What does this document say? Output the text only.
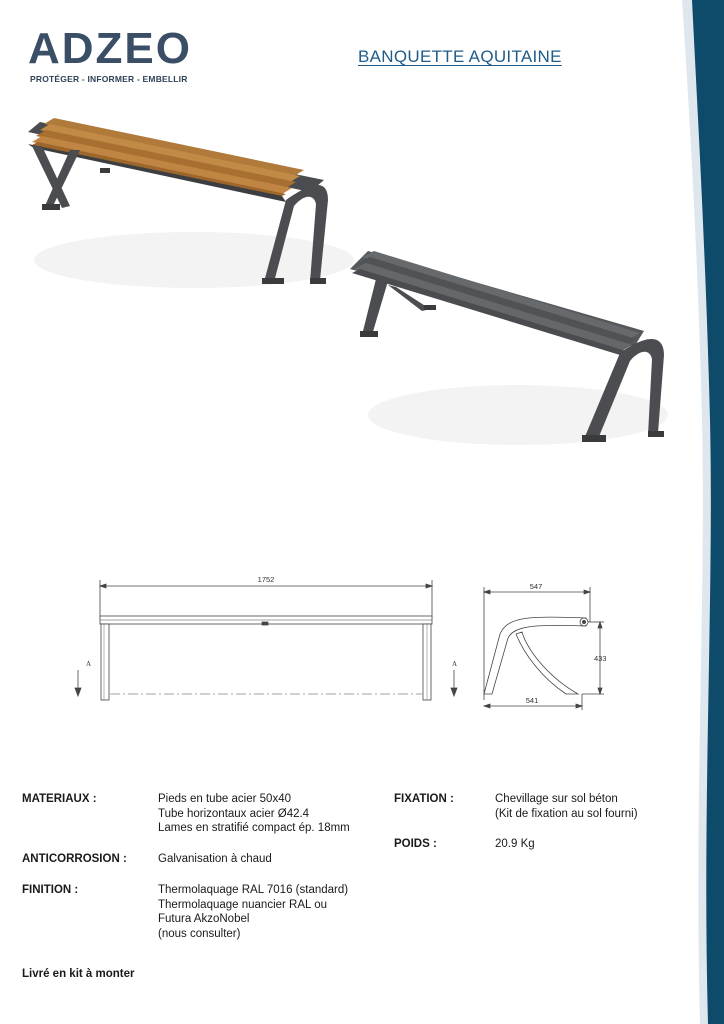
ADZEO
PROTÉGER - INFORMER - EMBELLIR
BANQUETTE AQUITAINE
1752
A	A
547
433
541
MATERIAUX :	Pieds en tube acier 50x40
Tube horizontaux acier Ø42.4
Lames en stratifié compact ép. 18mm
ANTICORROSION :	Galvanisation à chaud
FINITION :	Thermolaquage RAL 7016 (standard)
Thermolaquage nuancier RAL ou
Futura AkzoNobel
(nous consulter)
FIXATION :	Chevillage sur sol béton
(Kit de fixation au sol fourni)
POIDS :	20.9 Kg
Livré en kit à monter
